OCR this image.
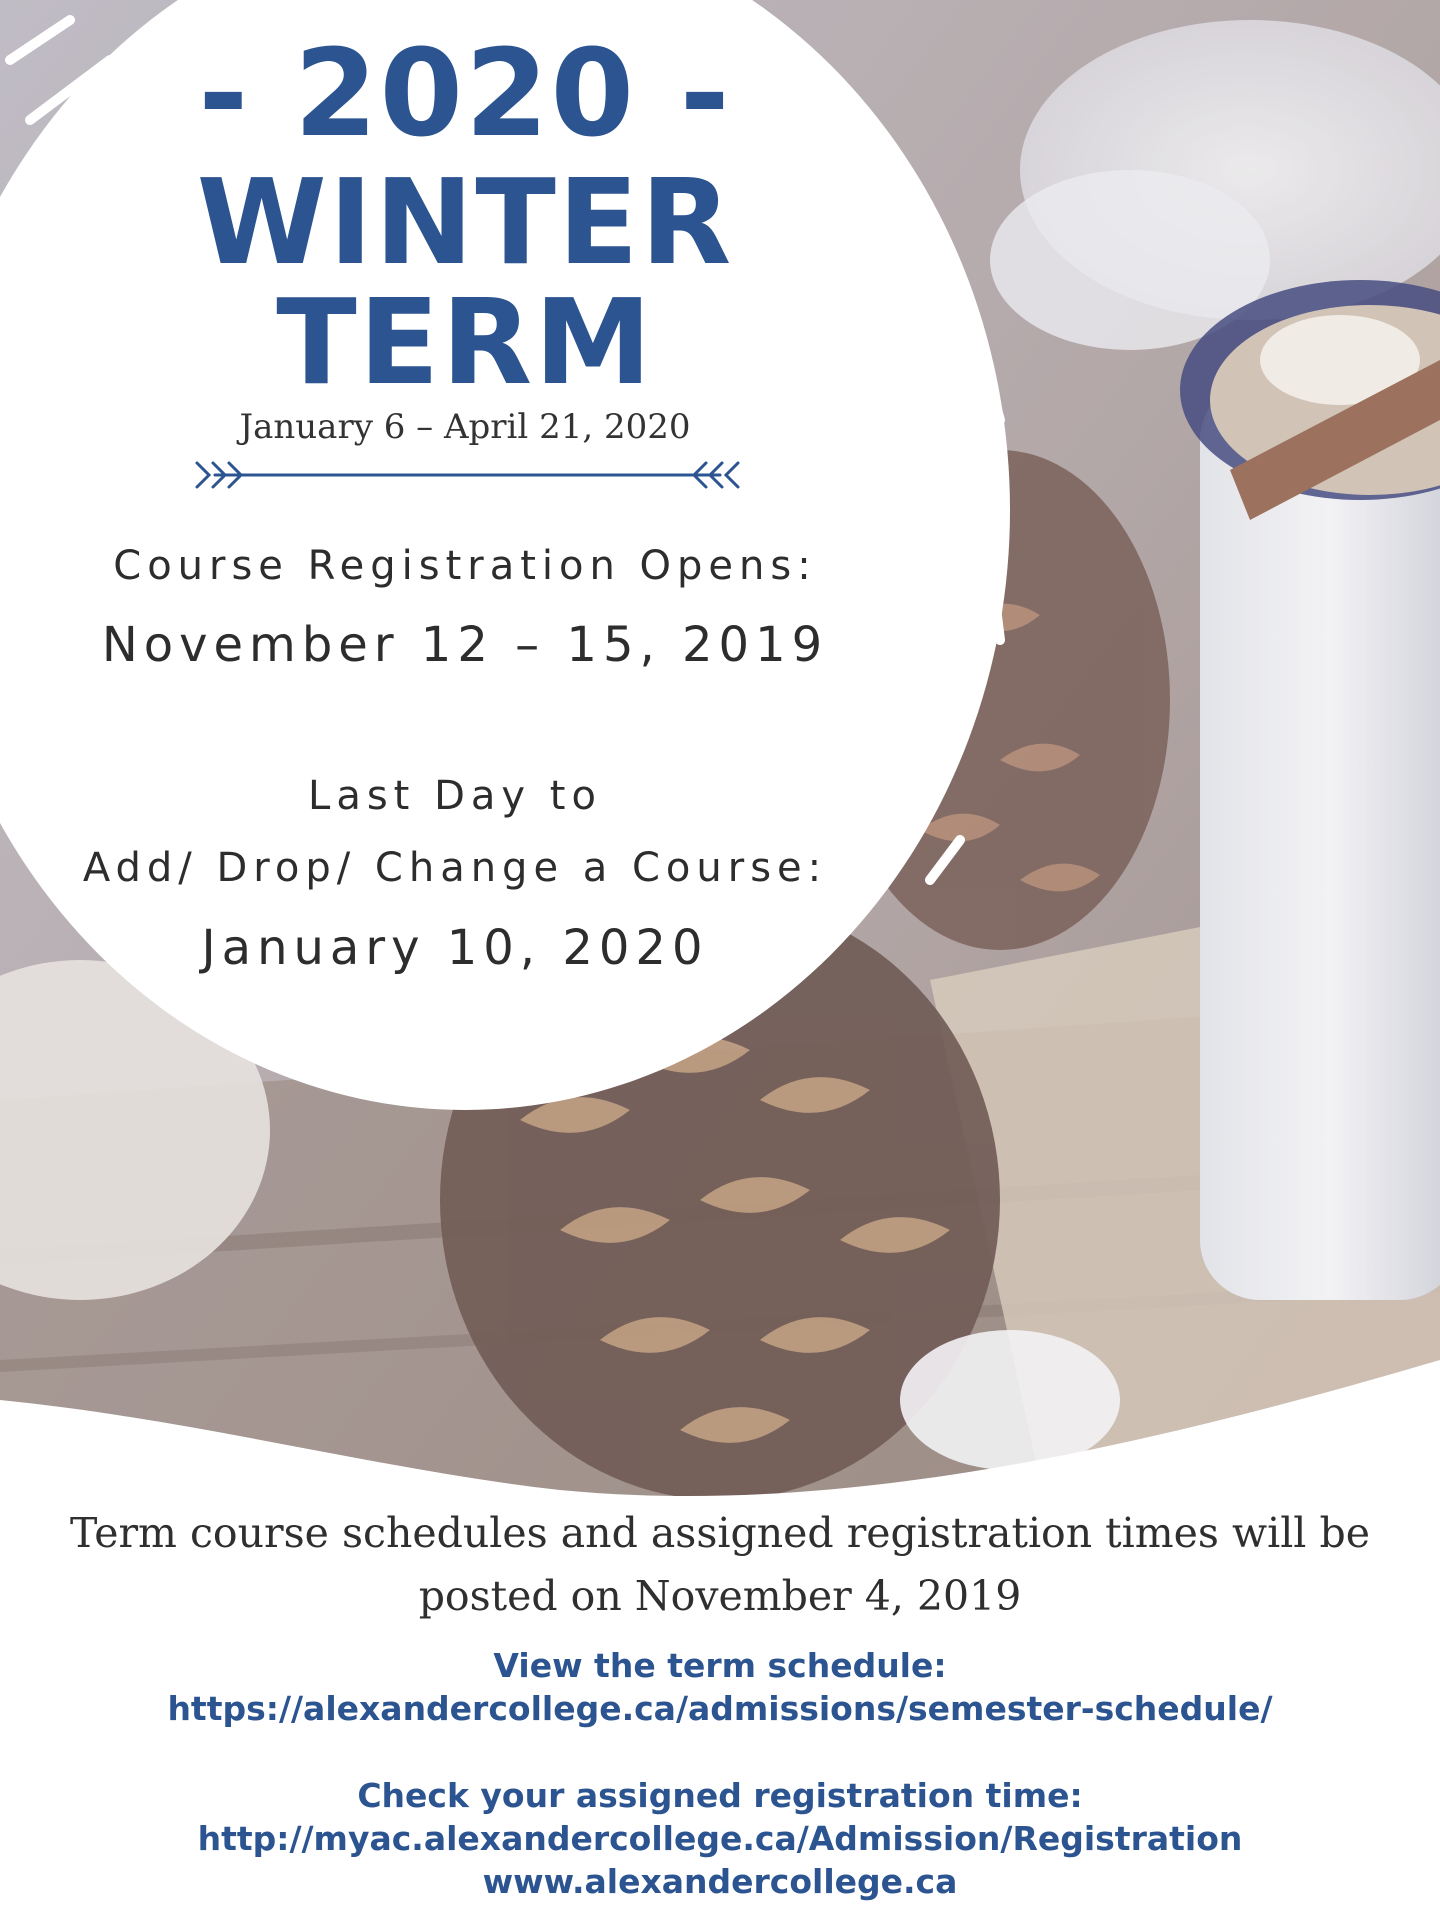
- 2020 -
WINTER
TERM
January 6 – April 21, 2020
Course Registration Opens:
November 12 – 15, 2019
Last Day to
Add/ Drop/ Change a Course:
January 10, 2020
Term course schedules and assigned registration times will be
posted on November 4, 2019
View the term schedule:
https://alexandercollege.ca/admissions/semester-schedule/
Check your assigned registration time:
http://myac.alexandercollege.ca/Admission/Registration
www.alexandercollege.ca
